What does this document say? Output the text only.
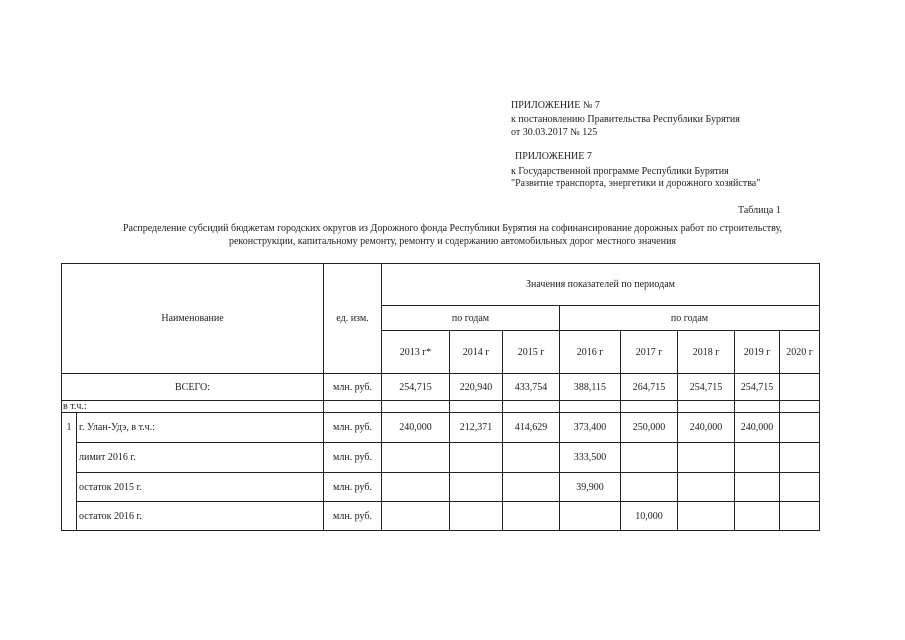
ПРИЛОЖЕНИЕ № 7
к постановлению Правительства Республики Бурятия
от 30.03.2017 № 125
ПРИЛОЖЕНИЕ 7
к Государственной программе Республики Бурятия
"Развитие транспорта, энергетики и дорожного хозяйства"
Таблица 1
Распределение субсидий бюджетам городских округов из Дорожного фонда Республики Бурятия на софинансирование дорожных работ по строительству,
реконструкции, капитальному ремонту, ремонту и содержанию автомобильных дорог местного значения
Наименование		ед. изм.	Значения показателей по периодам							
			по годам			по годам				
			2013 г*	2014 г	2015 г	2016 г	2017 г	2018 г	2019 г	2020 г
ВСЕГО:		млн. руб.	254,715	220,940	433,754	388,115	264,715	254,715	254,715	
в т.ч.:										
1	г. Улан-Удэ, в т.ч.:	млн. руб.	240,000	212,371	414,629	373,400	250,000	240,000	240,000	
	лимит 2016 г.	млн. руб.				333,500				
	остаток 2015 г.	млн. руб.				39,900				
	остаток 2016 г.	млн. руб.					10,000			
